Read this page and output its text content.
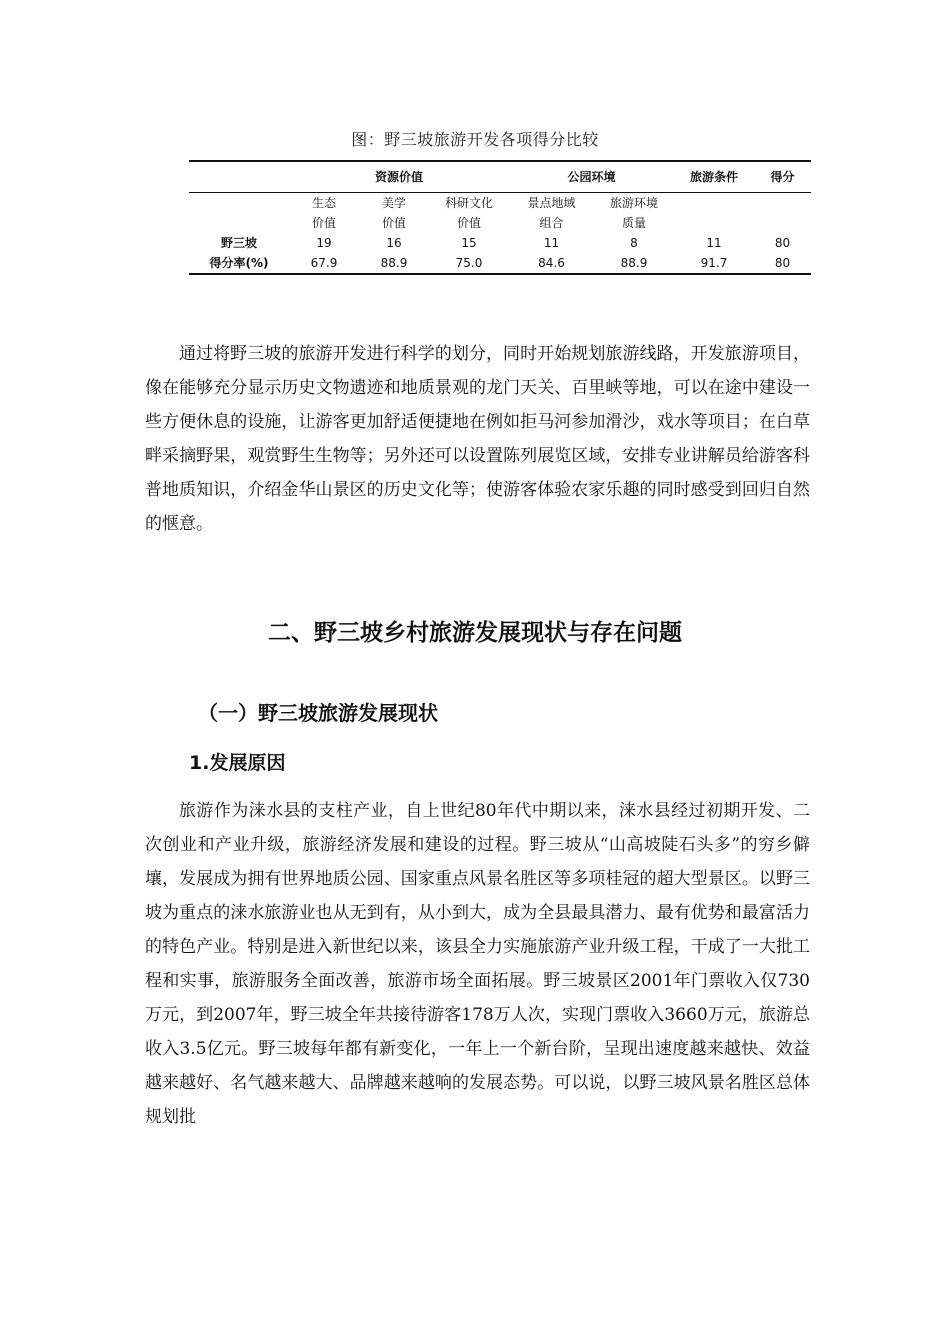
图：野三坡旅游开发各项得分比较
	资源价值			公园环境		旅游条件	得分
	生态	美学	科研文化	景点地域	旅游环境		
	价值	价值	价值	组合	质量		
野三坡	19	16	15	11	8	11	80
得分率(%)	67.9	88.9	75.0	84.6	88.9	91.7	80

通过将野三坡的旅游开发进行科学的划分，同时开始规划旅游线路，开发旅游项目，像在能够充分显示历史文物遗迹和地质景观的龙门天关、百里峡等地，可以在途中建设一些方便休息的设施，让游客更加舒适便捷地在例如拒马河参加滑沙，戏水等项目；在白草畔采摘野果，观赏野生生物等；另外还可以设置陈列展览区域，安排专业讲解员给游客科普地质知识，介绍金华山景区的历史文化等；使游客体验农家乐趣的同时感受到回归自然的惬意。

二、野三坡乡村旅游发展现状与存在问题
（一）野三坡旅游发展现状
1.发展原因

旅游作为涞水县的支柱产业，自上世纪80年代中期以来，涞水县经过初期开发、二次创业和产业升级，旅游经济发展和建设的过程。野三坡从“山高坡陡石头多”的穷乡僻壤，发展成为拥有世界地质公园、国家重点风景名胜区等多项桂冠的超大型景区。以野三坡为重点的涞水旅游业也从无到有，从小到大，成为全县最具潜力、最有优势和最富活力的特色产业。特别是进入新世纪以来，该县全力实施旅游产业升级工程，干成了一大批工程和实事，旅游服务全面改善，旅游市场全面拓展。野三坡景区2001年门票收入仅730万元，到2007年，野三坡全年共接待游客178万人次，实现门票收入3660万元，旅游总收入3.5亿元。野三坡每年都有新变化，一年上一个新台阶，呈现出速度越来越快、效益越来越好、名气越来越大、品牌越来越响的发展态势。可以说，以野三坡风景名胜区总体规划批
